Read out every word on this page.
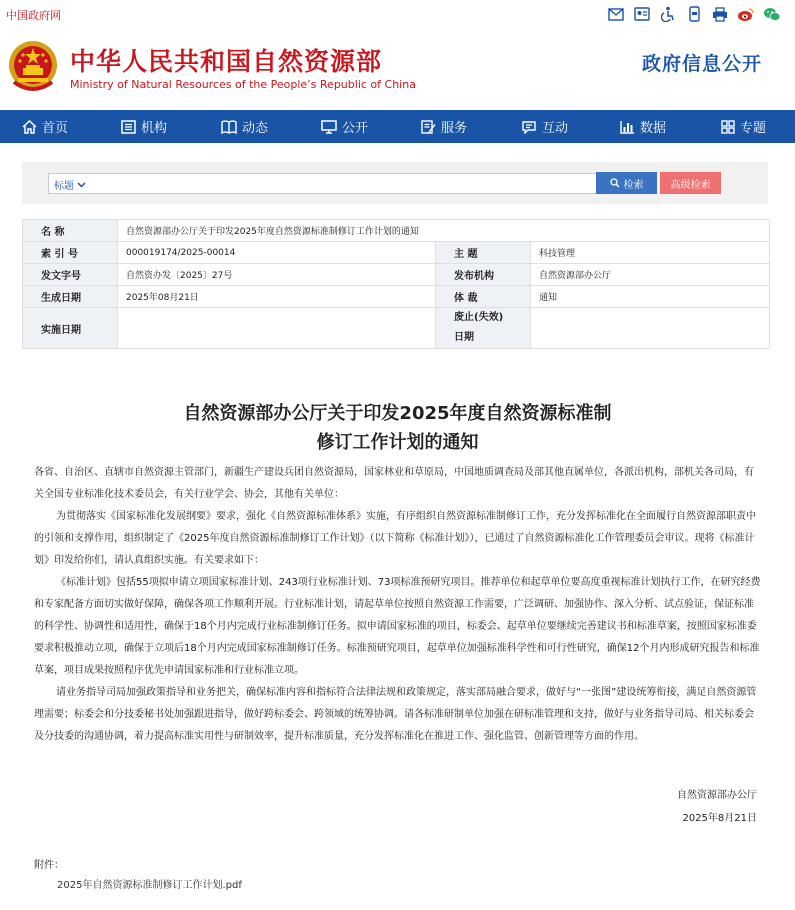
中国政府网
中华人民共和国自然资源部
Ministry of Natural Resources of the People’s Republic of China
政府信息公开
首页	机构	动态	公开	服务	互动	数据	专题
标题	检索	高级检索
名 称	自然资源部办公厅关于印发2025年度自然资源标准制修订工作计划的通知		
索 引 号	000019174/2025-00014	主 题	科技管理
发文字号	自然资办发〔2025〕27号	发布机构	自然资源部办公厅
生成日期	2025年08月21日	体 裁	通知
实施日期		废止(失效)
日期	
自然资源部办公厅关于印发2025年度自然资源标准制
修订工作计划的通知

各省、自治区、直辖市自然资源主管部门，新疆生产建设兵团自然资源局，国家林业和草原局，中国地质调查局及部其他直属单位，各派出机构，部机关各司局，有关全国专业标准化技术委员会，有关行业学会、协会，其他有关单位：

为贯彻落实《国家标准化发展纲要》要求，强化《自然资源标准体系》实施，有序组织自然资源标准制修订工作，充分发挥标准化在全面履行自然资源部职责中的引领和支撑作用，组织制定了《2025年度自然资源标准制修订工作计划》（以下简称《标准计划》），已通过了自然资源标准化工作管理委员会审议。现将《标准计划》印发给你们，请认真组织实施。有关要求如下：

《标准计划》包括55项拟申请立项国家标准计划、243项行业标准计划、73项标准预研究项目。推荐单位和起草单位要高度重视标准计划执行工作，在研究经费和专家配备方面切实做好保障，确保各项工作顺利开展。行业标准计划，请起草单位按照自然资源工作需要，广泛调研、加强协作、深入分析、试点验证，保证标准的科学性、协调性和适用性，确保于18个月内完成行业标准制修订任务。拟申请国家标准的项目，标委会、起草单位要继续完善建议书和标准草案，按照国家标准委要求积极推动立项，确保于立项后18个月内完成国家标准制修订任务。标准预研究项目，起草单位加强标准科学性和可行性研究，确保12个月内形成研究报告和标准草案，项目成果按照程序优先申请国家标准和行业标准立项。

请业务指导司局加强政策指导和业务把关，确保标准内容和指标符合法律法规和政策规定，落实部局融合要求，做好与“一张图”建设统筹衔接，满足自然资源管理需要；标委会和分技委秘书处加强跟进指导，做好跨标委会、跨领域的统筹协调。请各标准研制单位加强在研标准管理和支持，做好与业务指导司局、相关标委会及分技委的沟通协调，着力提高标准实用性与研制效率，提升标准质量，充分发挥标准化在推进工作、强化监管、创新管理等方面的作用。

自然资源部办公厅
2025年8月21日
附件：
2025年自然资源标准制修订工作计划.pdf
